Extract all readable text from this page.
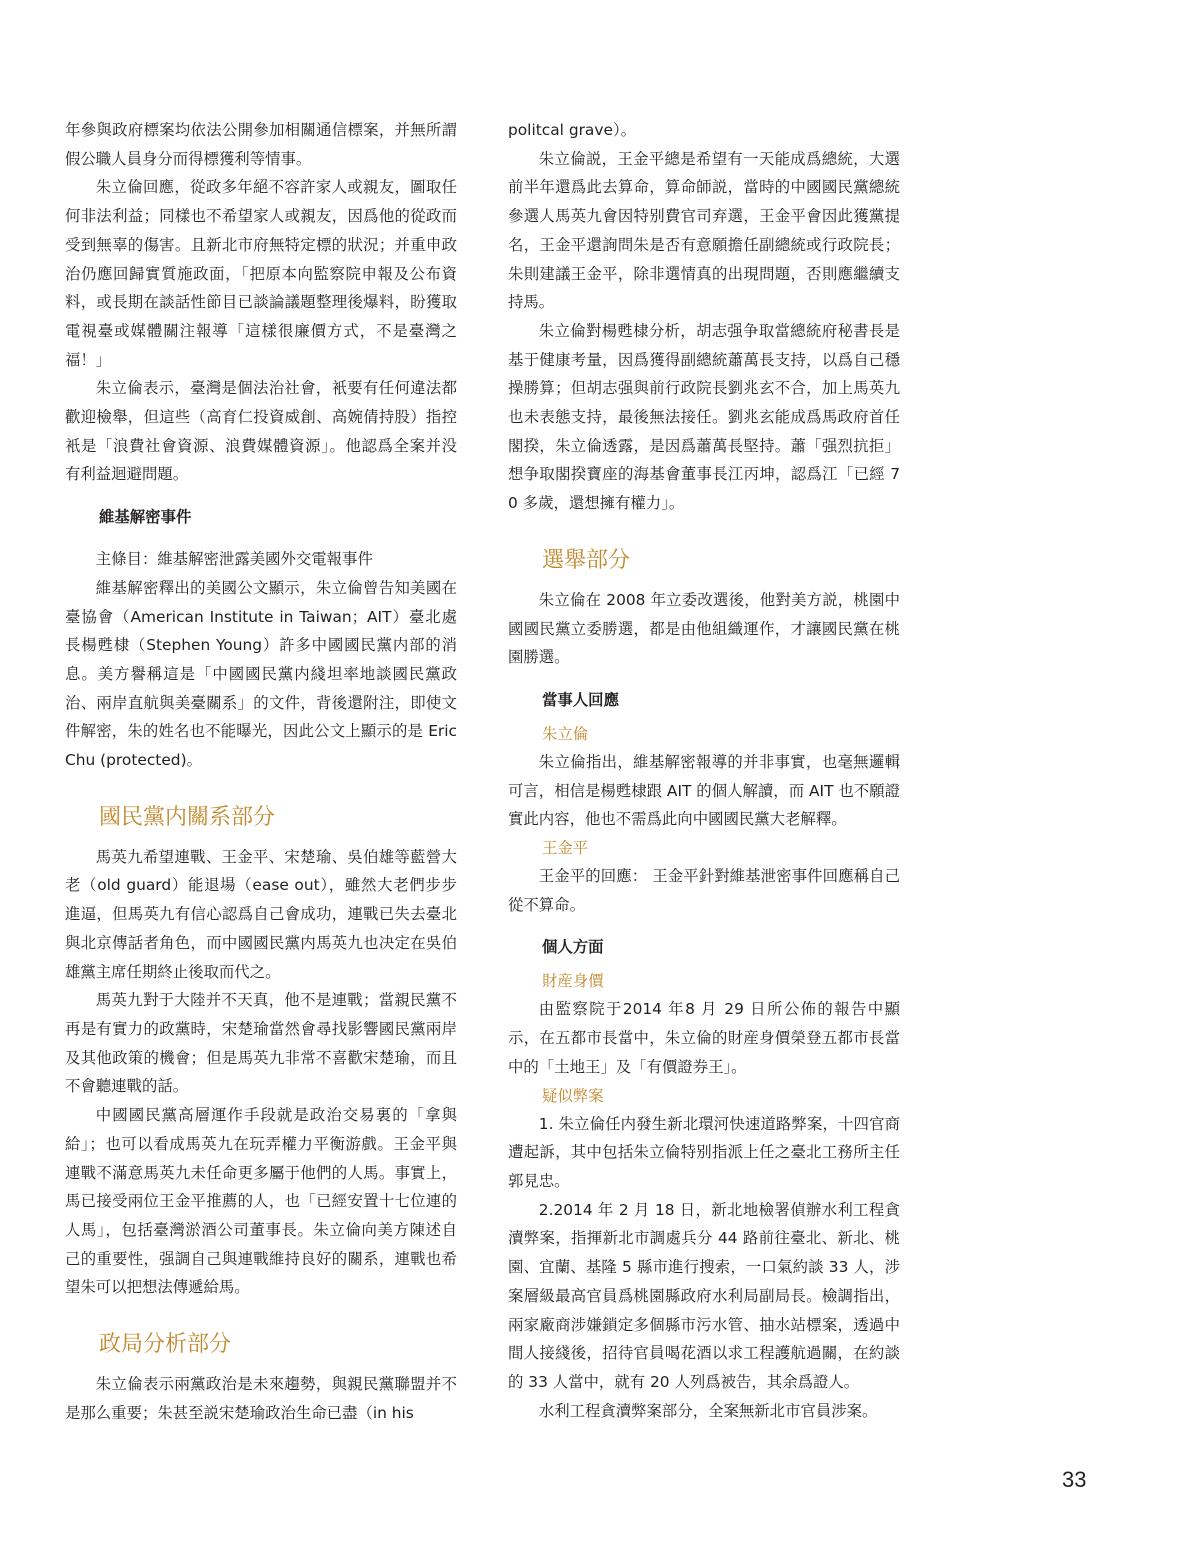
年參與政府標案均依法公開參加相關通信標案，并無所謂假公職人員身分而得標獲利等情事。

朱立倫回應，從政多年絕不容許家人或親友，圖取任何非法利益；同樣也不希望家人或親友，因爲他的從政而受到無辜的傷害。且新北市府無特定標的狀況；并重申政治仍應回歸實質施政面，「把原本向監察院申報及公布資料，或長期在談話性節目已談論議題整理後爆料，盼獲取電視臺或媒體關注報導「這樣很廉價方式，不是臺灣之福！」

朱立倫表示，臺灣是個法治社會，衹要有任何違法都歡迎檢舉，但這些（高育仁投資威創、高婉倩持股）指控衹是「浪費社會資源、浪費媒體資源」。他認爲全案并没有利益迴避問題。

維基解密事件

主條目：維基解密泄露美國外交電報事件

維基解密釋出的美國公文顯示，朱立倫曾告知美國在臺協會（American Institute in Taiwan；AIT）臺北處長楊甦棣（Stephen Young）許多中國國民黨内部的消息。美方譽稱這是「中國國民黨内綫坦率地談國民黨政治、兩岸直航與美臺關系」的文件，背後還附注，即使文件解密，朱的姓名也不能曝光，因此公文上顯示的是 Eric Chu (protected)。

國民黨内關系部分

馬英九希望連戰、王金平、宋楚瑜、吳伯雄等藍營大老（old guard）能退場（ease out），雖然大老們步步進逼，但馬英九有信心認爲自己會成功，連戰已失去臺北與北京傳話者角色，而中國國民黨内馬英九也决定在吳伯雄黨主席任期終止後取而代之。

馬英九對于大陸并不天真，他不是連戰；當親民黨不再是有實力的政黨時，宋楚瑜當然會尋找影響國民黨兩岸及其他政策的機會；但是馬英九非常不喜歡宋楚瑜，而且不會聽連戰的話。

中國國民黨高層運作手段就是政治交易裏的「拿與給」；也可以看成馬英九在玩弄權力平衡游戲。王金平與連戰不滿意馬英九未任命更多屬于他們的人馬。事實上，馬已接受兩位王金平推薦的人，也「已經安置十七位連的人馬」，包括臺灣淤酒公司董事長。朱立倫向美方陳述自己的重要性，强調自己與連戰維持良好的關系，連戰也希望朱可以把想法傳遞給馬。

政局分析部分

朱立倫表示兩黨政治是未來趨勢，與親民黨聯盟并不是那么重要；朱甚至説宋楚瑜政治生命已盡（in his

politcal grave）。

朱立倫説，王金平總是希望有一天能成爲總統，大選前半年還爲此去算命，算命師説，當時的中國國民黨總統參選人馬英九會因特别費官司弃選，王金平會因此獲黨提名，王金平還詢問朱是否有意願擔任副總統或行政院長；朱則建議王金平，除非選情真的出現問題，否則應繼續支持馬。

朱立倫對楊甦棣分析，胡志强争取當總統府秘書長是基于健康考量，因爲獲得副總統蕭萬長支持，以爲自己穩操勝算；但胡志强與前行政院長劉兆玄不合，加上馬英九也未表態支持，最後無法接任。劉兆玄能成爲馬政府首任閣揆，朱立倫透露，是因爲蕭萬長堅持。蕭「强烈抗拒」想争取閣揆寶座的海基會董事長江丙坤，認爲江「已經 70 多歲，還想擁有權力」。

選舉部分

朱立倫在 2008 年立委改選後，他對美方説，桃園中國國民黨立委勝選，都是由他組織運作，才讓國民黨在桃園勝選。

當事人回應
朱立倫

朱立倫指出，維基解密報導的并非事實，也毫無邏輯可言，相信是楊甦棣跟 AIT 的個人解讀，而 AIT 也不願證實此内容，他也不需爲此向中國國民黨大老解釋。

王金平

王金平的回應： 王金平針對維基泄密事件回應稱自己從不算命。

個人方面
財産身價

由監察院于2014 年8 月 29 日所公佈的報告中顯示，在五都市長當中，朱立倫的財産身價榮登五都市長當中的「土地王」及「有價證券王」。

疑似弊案

1. 朱立倫任内發生新北環河快速道路弊案，十四官商遭起訴，其中包括朱立倫特别指派上任之臺北工務所主任郭見忠。

2.2014 年 2 月 18 日，新北地檢署偵辦水利工程貪瀆弊案，指揮新北市調處兵分 44 路前往臺北、新北、桃園、宜蘭、基隆 5 縣市進行搜索，一口氣約談 33 人，涉案層級最高官員爲桃園縣政府水利局副局長。檢調指出，兩家廠商涉嫌鎖定多個縣市污水管、抽水站標案，透過中間人接綫後，招待官員喝花酒以求工程護航過關，在約談的 33 人當中，就有 20 人列爲被告，其余爲證人。

水利工程貪瀆弊案部分，全案無新北市官員涉案。

33
